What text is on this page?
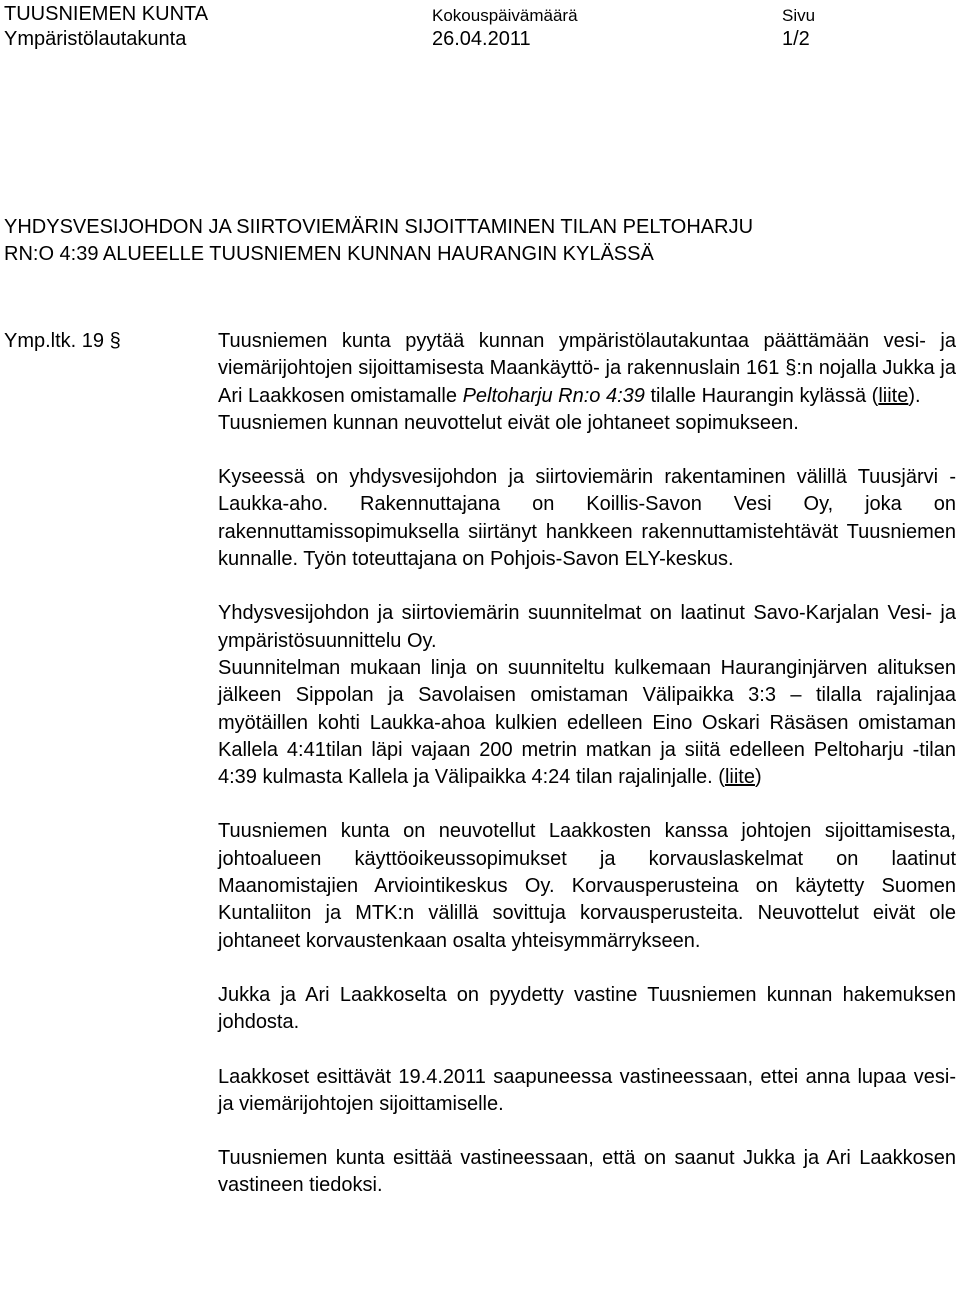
TUUSNIEMEN KUNTA
Ympäristölautakunta
Kokouspäivämäärä
26.04.2011
Sivu
1/2
YHDYSVESIJOHDON JA SIIRTOVIEMÄRIN SIJOITTAMINEN TILAN PELTOHARJU
RN:O 4:39 ALUEELLE TUUSNIEMEN KUNNAN HAURANGIN KYLÄSSÄ
Ymp.ltk. 19 §	Tuusniemen kunta pyytää kunnan ympäristölautakuntaa päättämään vesi- ja viemärijohtojen sijoittamisesta Maankäyttö- ja rakennuslain 161 §:n nojalla Jukka ja Ari Laakkosen omistamalle Peltoharju Rn:o 4:39 tilalle Haurangin kylässä (liite).

Tuusniemen kunnan neuvottelut eivät ole johtaneet sopimukseen.

Kyseessä on yhdysvesijohdon ja siirtoviemärin rakentaminen välillä Tuusjärvi - Laukka-aho. Rakennuttajana on Koillis-Savon Vesi Oy, joka on rakennuttamissopimuksella siirtänyt hankkeen rakennuttamistehtävät Tuusniemen kunnalle. Työn toteuttajana on Pohjois-Savon ELY-keskus.

Yhdysvesijohdon ja siirtoviemärin suunnitelmat on laatinut Savo-Karjalan Vesi- ja ympäristösuunnittelu Oy.

Suunnitelman mukaan linja on suunniteltu kulkemaan Hauranginjärven alituksen jälkeen Sippolan ja Savolaisen omistaman Välipaikka 3:3 – tilalla rajalinjaa myötäillen kohti Laukka-ahoa kulkien edelleen Eino Oskari Räsäsen omistaman Kallela 4:41tilan läpi vajaan 200 metrin matkan ja siitä edelleen Peltoharju -tilan 4:39 kulmasta Kallela ja Välipaikka 4:24 tilan rajalinjalle. (liite)

Tuusniemen kunta on neuvotellut Laakkosten kanssa johtojen sijoittamisesta, johtoalueen käyttöoikeussopimukset ja korvauslaskelmat on laatinut Maanomistajien Arviointikeskus Oy. Korvausperusteina on käytetty Suomen Kuntaliiton ja MTK:n välillä sovittuja korvausperusteita. Neuvottelut eivät ole johtaneet korvaustenkaan osalta yhteisymmärrykseen.

Jukka ja Ari Laakkoselta on pyydetty vastine Tuusniemen kunnan hakemuksen johdosta.

Laakkoset esittävät 19.4.2011 saapuneessa vastineessaan, ettei anna lupaa vesi- ja viemärijohtojen sijoittamiselle.

Tuusniemen kunta esittää vastineessaan, että on saanut Jukka ja Ari Laakkosen vastineen tiedoksi.
